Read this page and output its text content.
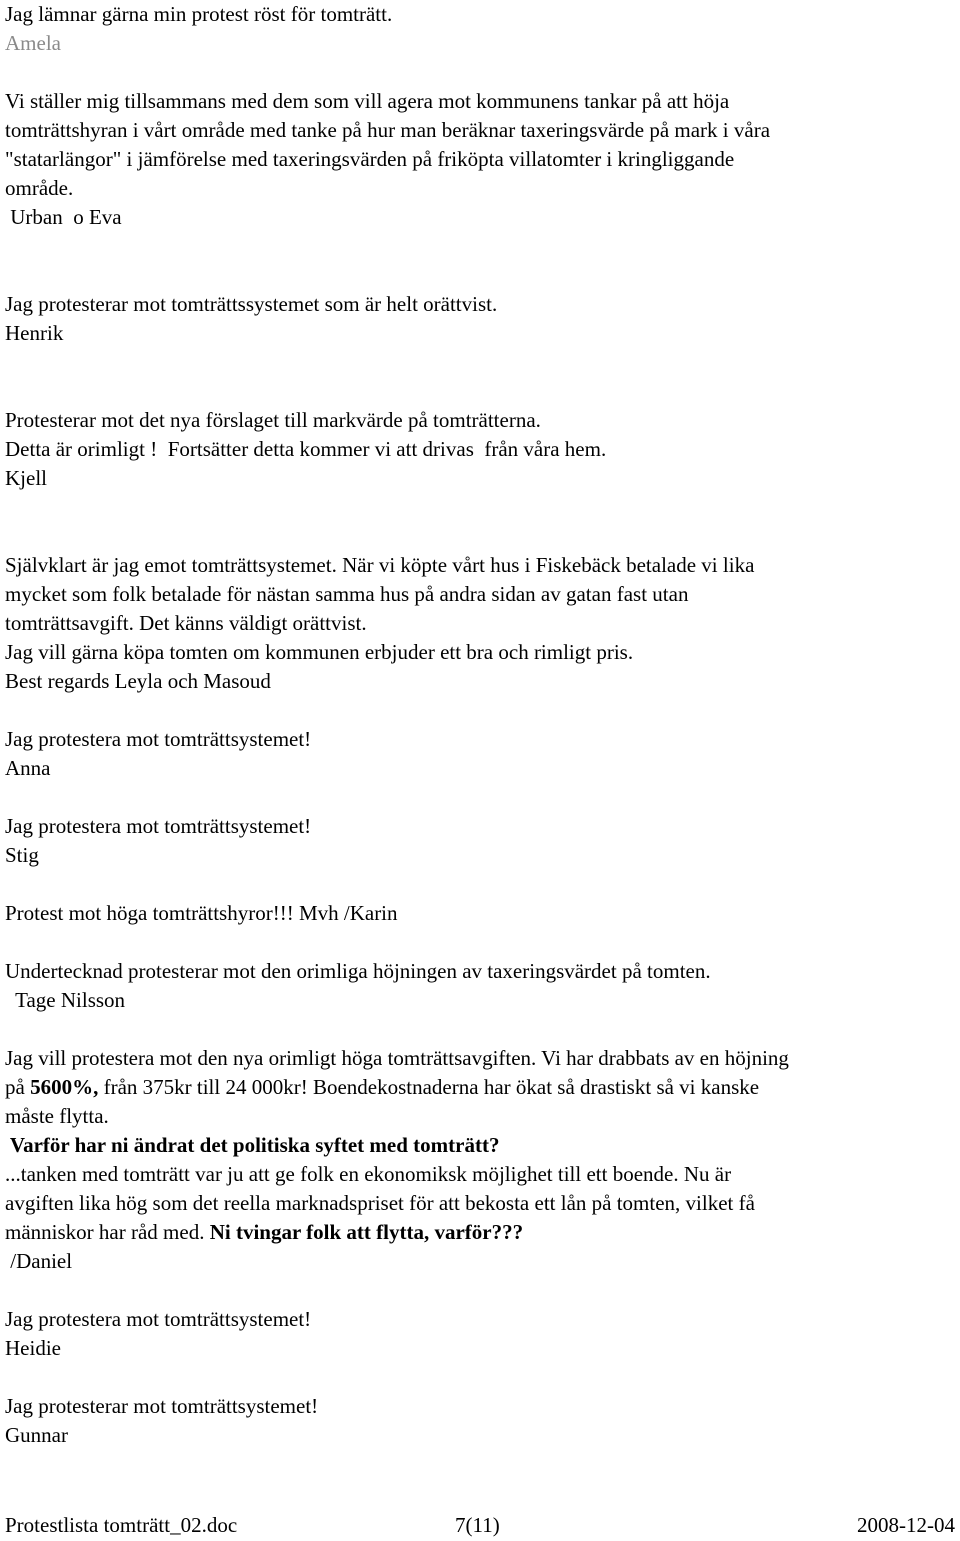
Jag lämnar gärna min protest röst för tomträtt.
Amela
Vi ställer mig tillsammans med dem som vill agera mot kommunens tankar på att höja
tomträttshyran i vårt område med tanke på hur man beräknar taxeringsvärde på mark i våra
"statarlängor" i jämförelse med taxeringsvärden på friköpta villatomter i kringliggande
område.
Urban  o Eva
Jag protesterar mot tomträttssystemet som är helt orättvist.
Henrik
Protesterar mot det nya förslaget till markvärde på tomträtterna.
Detta är orimligt !  Fortsätter detta kommer vi att drivas  från våra hem.
Kjell
Självklart är jag emot tomträttsystemet. När vi köpte vårt hus i Fiskebäck betalade vi lika
mycket som folk betalade för nästan samma hus på andra sidan av gatan fast utan
tomträttsavgift. Det känns väldigt orättvist.
Jag vill gärna köpa tomten om kommunen erbjuder ett bra och rimligt pris.
Best regards Leyla och Masoud
Jag protestera mot tomträttsystemet!
Anna
Jag protestera mot tomträttsystemet!
Stig
Protest mot höga tomträttshyror!!! Mvh /Karin
Undertecknad protesterar mot den orimliga höjningen av taxeringsvärdet på tomten.
Tage Nilsson
Jag vill protestera mot den nya orimligt höga tomträttsavgiften. Vi har drabbats av en höjning
på 5600%, från 375kr till 24 000kr! Boendekostnaderna har ökat så drastiskt så vi kanske
måste flytta.
Varför har ni ändrat det politiska syftet med tomträtt?
...tanken med tomträtt var ju att ge folk en ekonomiksk möjlighet till ett boende. Nu är
avgiften lika hög som det reella marknadspriset för att bekosta ett lån på tomten, vilket få
människor har råd med. Ni tvingar folk att flytta, varför???
/Daniel
Jag protestera mot tomträttsystemet!
Heidie
Jag protesterar mot tomträttsystemet!
Gunnar
Protestlista tomträtt_02.doc	7(11)	2008-12-04
